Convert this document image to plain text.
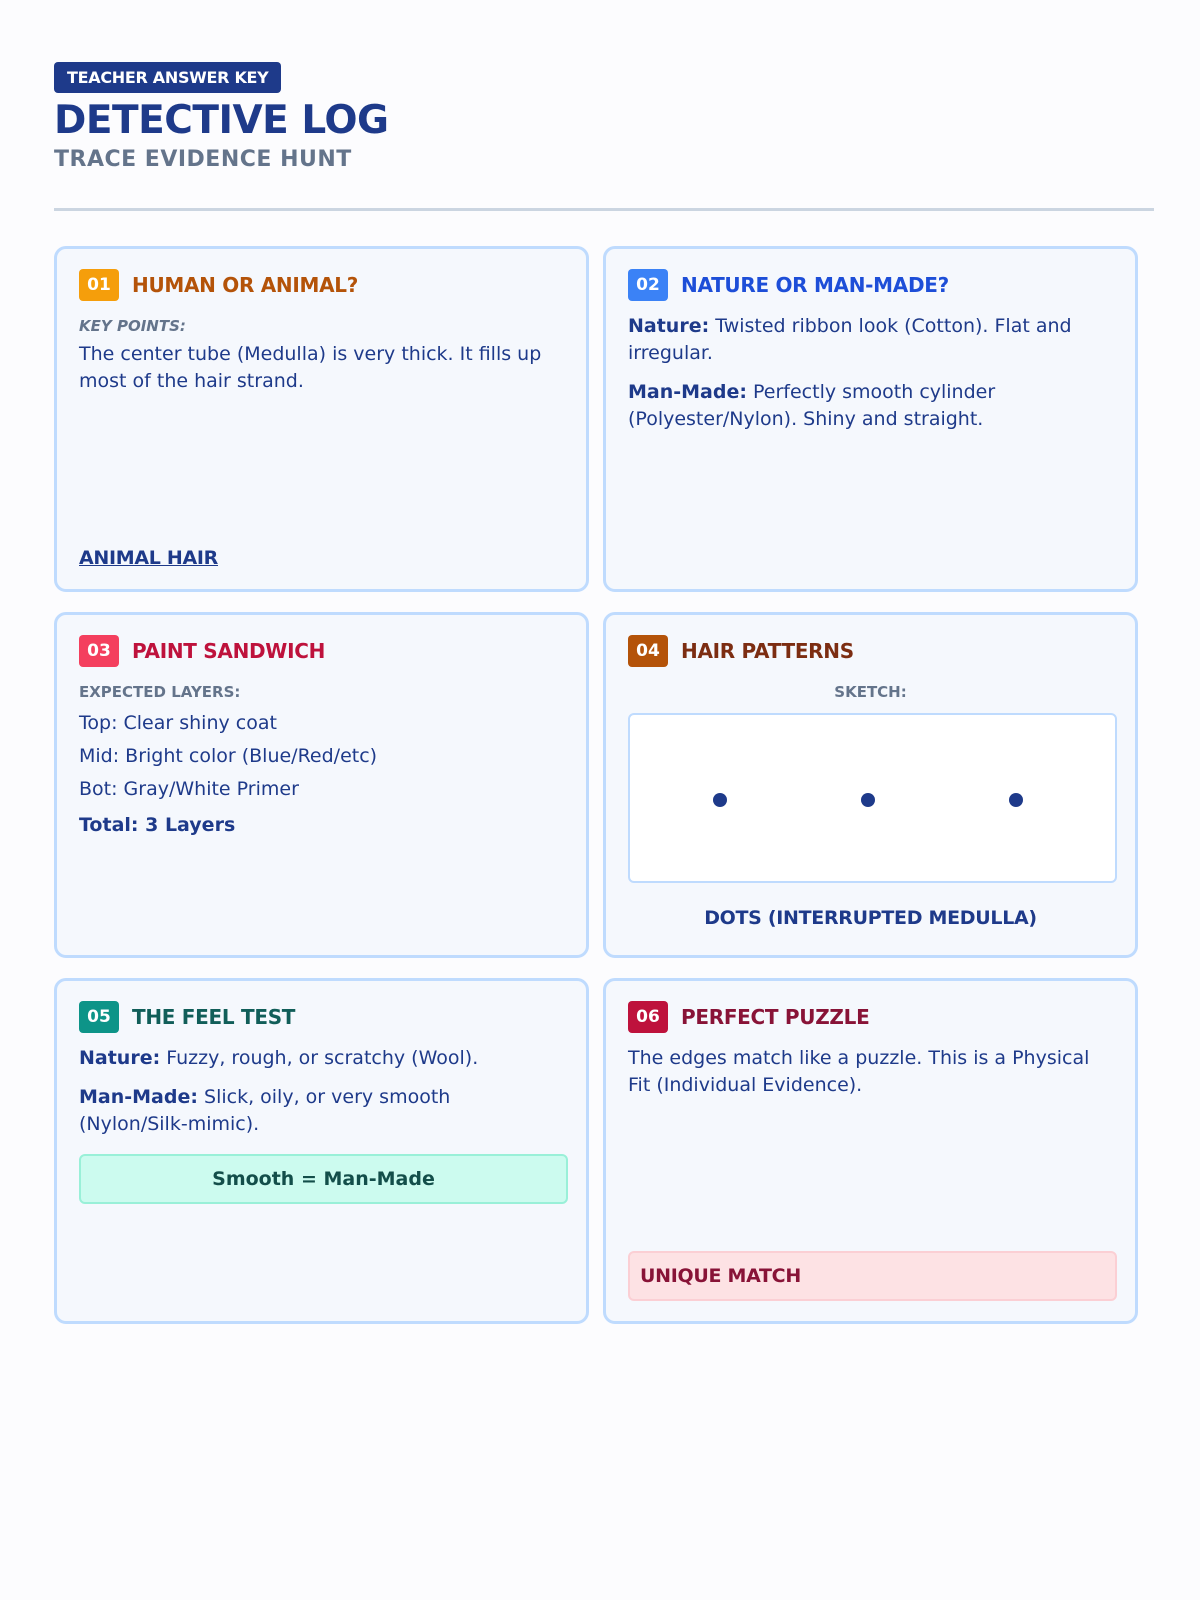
TEACHER ANSWER KEY
DETECTIVE LOG
TRACE EVIDENCE HUNT
01	HUMAN OR ANIMAL?
KEY POINTS:
The center tube (Medulla) is very thick. It fills up most of the hair strand.
ANIMAL HAIR
02	NATURE OR MAN-MADE?
Nature: Twisted ribbon look (Cotton). Flat and irregular.
Man-Made: Perfectly smooth cylinder (Polyester/Nylon). Shiny and straight.
03	PAINT SANDWICH
EXPECTED LAYERS:
Top: Clear shiny coat
Mid: Bright color (Blue/Red/etc)
Bot: Gray/White Primer
Total: 3 Layers
04	HAIR PATTERNS
SKETCH:
DOTS (INTERRUPTED MEDULLA)
05	THE FEEL TEST
Nature: Fuzzy, rough, or scratchy (Wool).
Man-Made: Slick, oily, or very smooth (Nylon/Silk-mimic).
Smooth = Man-Made
06	PERFECT PUZZLE
The edges match like a puzzle. This is a Physical Fit (Individual Evidence).
UNIQUE MATCH
